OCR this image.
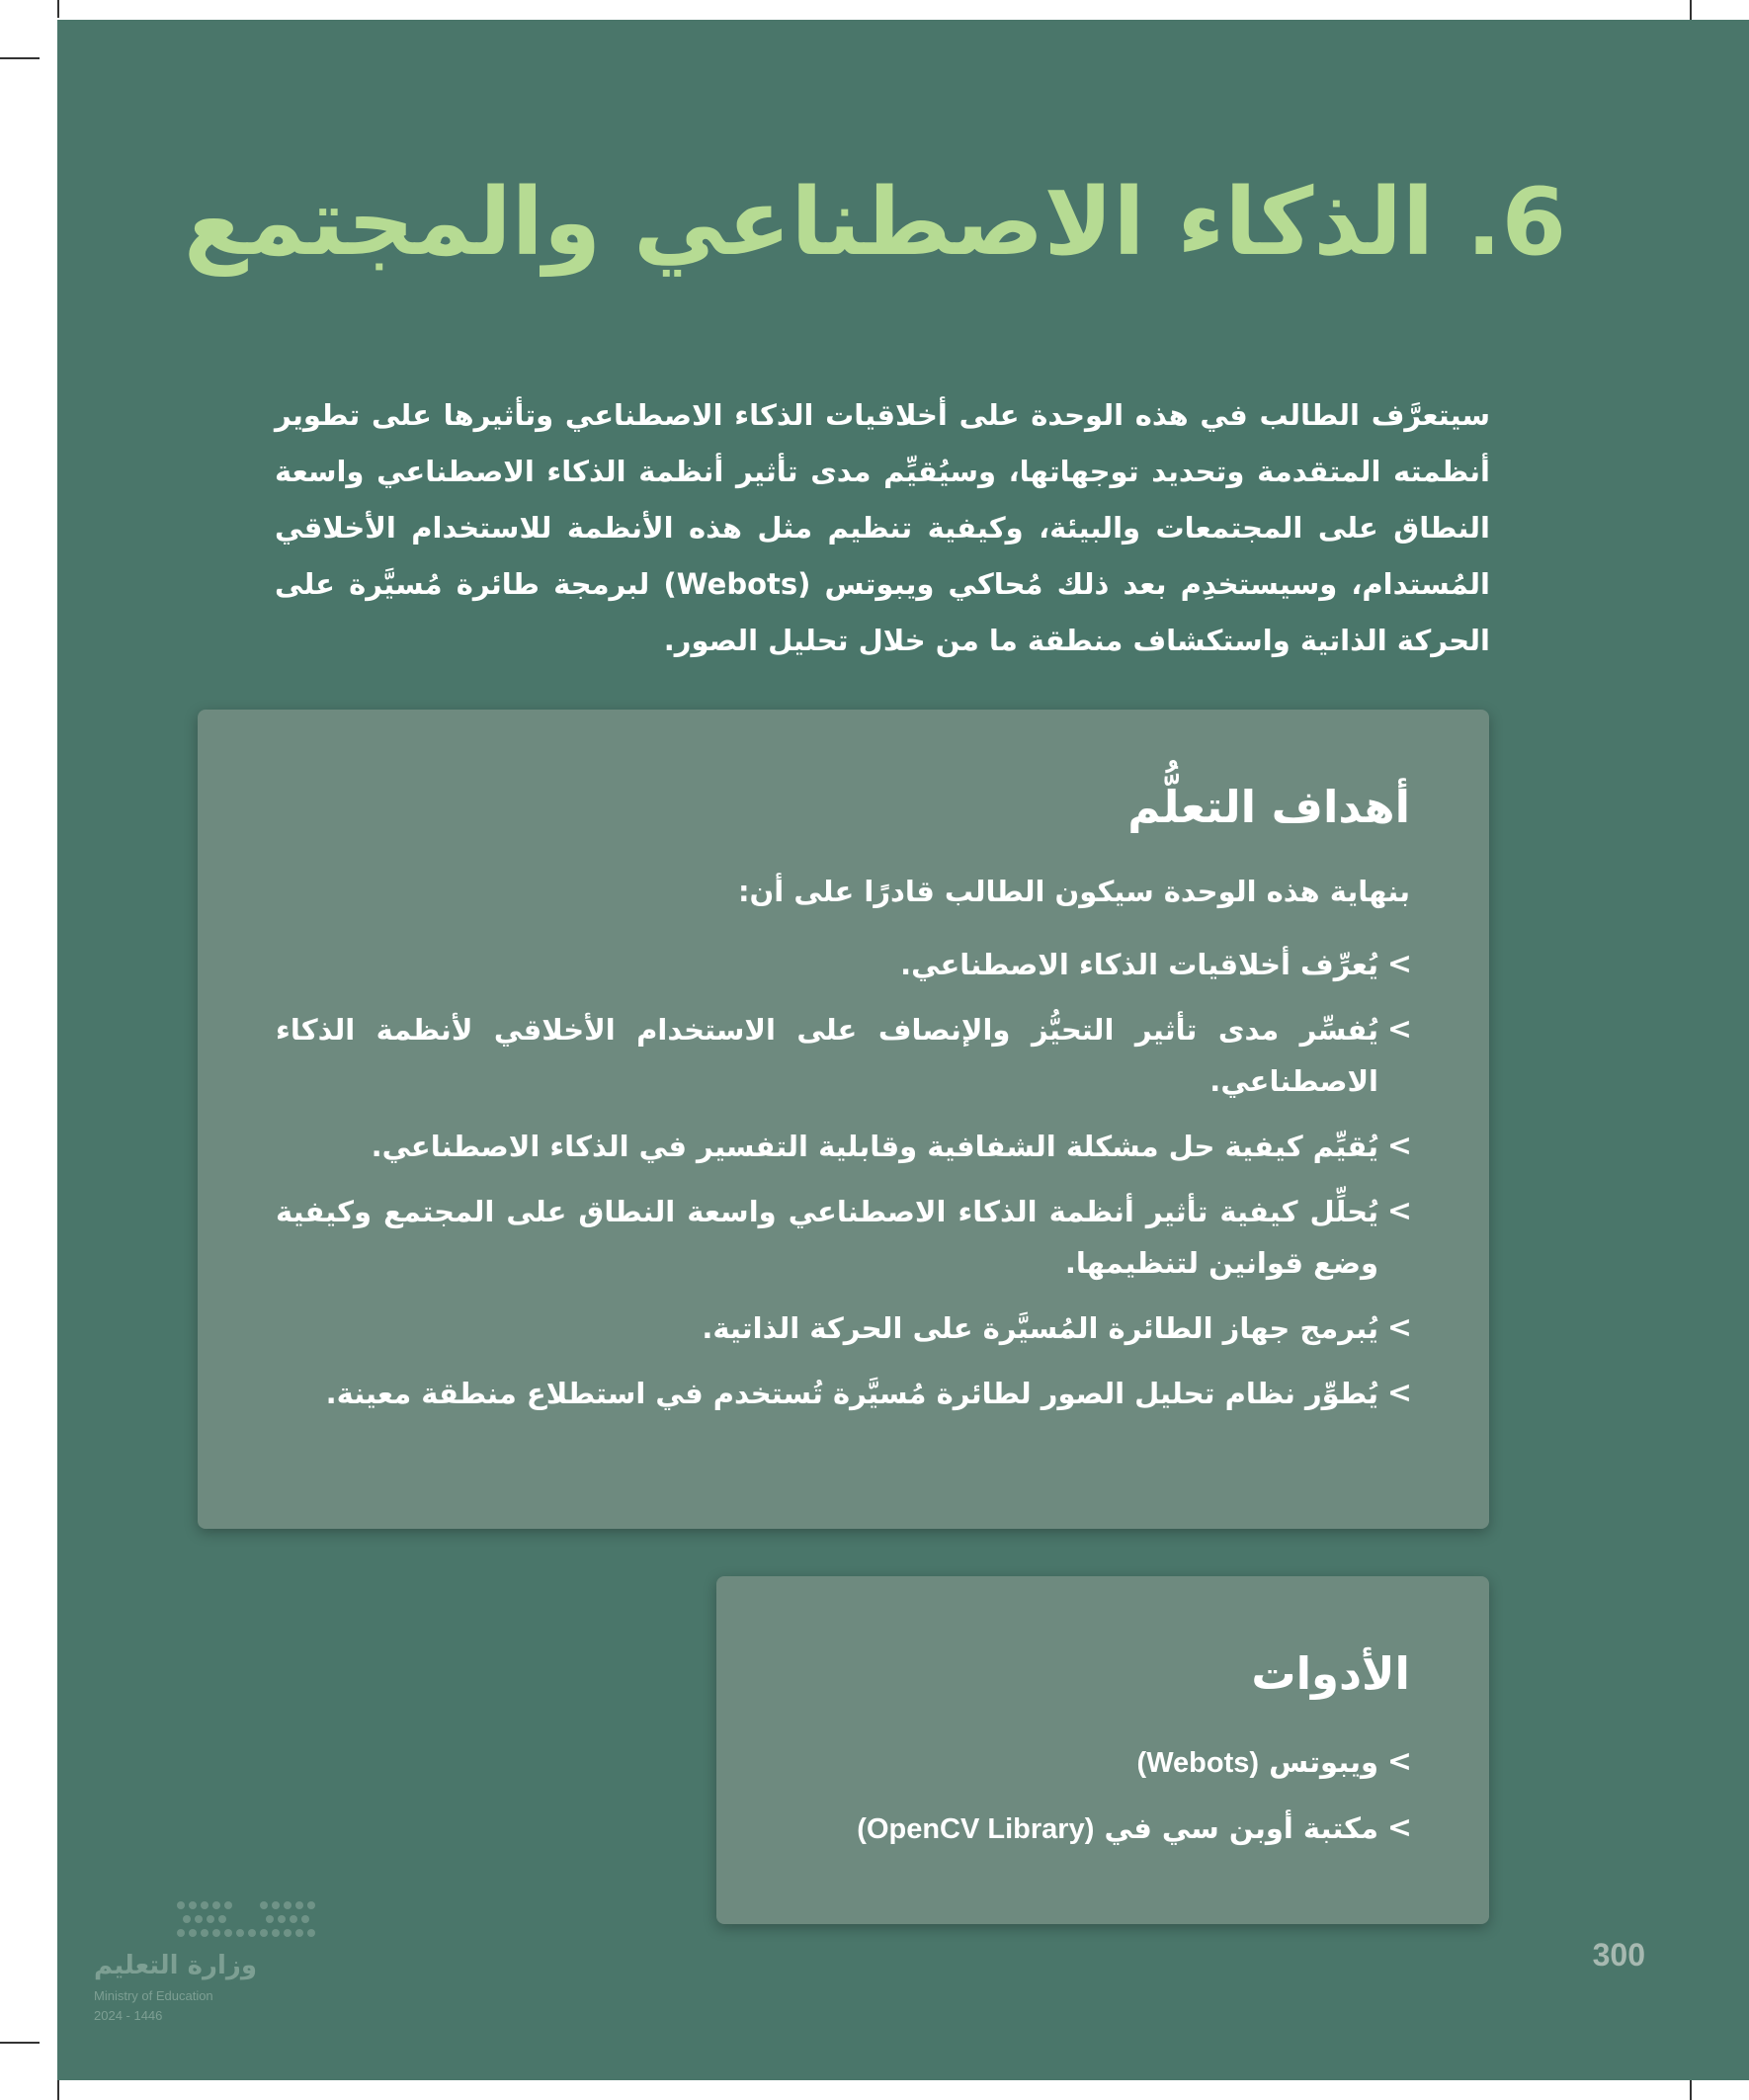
6. الذكاء الاصطناعي والمجتمع

سيتعرَّف الطالب في هذه الوحدة على أخلاقيات الذكاء الاصطناعي وتأثيرها على تطوير أنظمته المتقدمة وتحديد توجهاتها، وسيُقيِّم مدى تأثير أنظمة الذكاء الاصطناعي واسعة النطاق على المجتمعات والبيئة، وكيفية تنظيم مثل هذه الأنظمة للاستخدام الأخلاقي المُستدام، وسيستخدِم بعد ذلك مُحاكي ويبوتس (Webots) لبرمجة طائرة مُسيَّرة على الحركة الذاتية واستكشاف منطقة ما من خلال تحليل الصور.

أهداف التعلُّم

بنهاية هذه الوحدة سيكون الطالب قادرًا على أن:

>
يُعرِّف أخلاقيات الذكاء الاصطناعي.
>
يُفسِّر مدى تأثير التحيُّز والإنصاف على الاستخدام الأخلاقي لأنظمة الذكاء الاصطناعي.
>
يُقيِّم كيفية حل مشكلة الشفافية وقابلية التفسير في الذكاء الاصطناعي.
>
يُحلِّل كيفية تأثير أنظمة الذكاء الاصطناعي واسعة النطاق على المجتمع وكيفية وضع قوانين لتنظيمها.
>
يُبرمج جهاز الطائرة المُسيَّرة على الحركة الذاتية.
>
يُطوِّر نظام تحليل الصور لطائرة مُسيَّرة تُستخدم في استطلاع منطقة معينة.
الأدوات
>
ويبوتس (Webots)
>
مكتبة أوبن سي في (OpenCV Library)
300
وزارة التعليم
Ministry of Education
2024 - 1446
